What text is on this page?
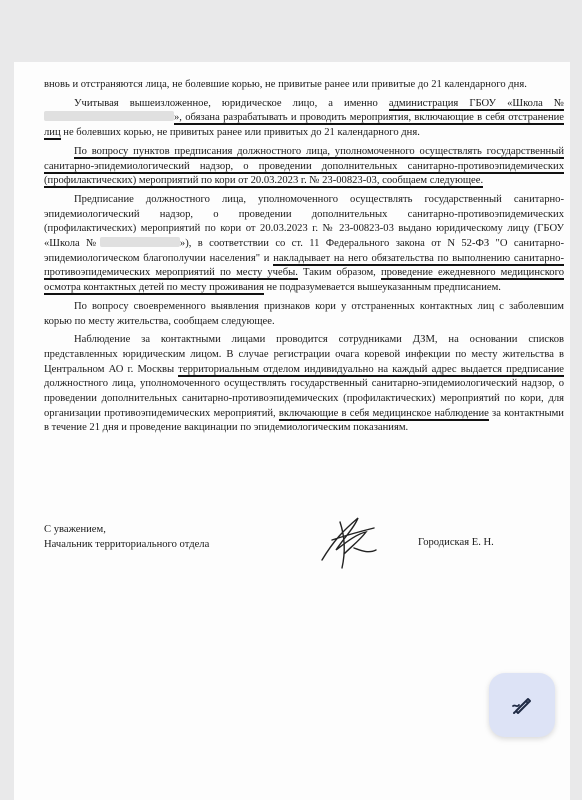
вновь и отстраняются лица, не болевшие корью, не привитые ранее или привитые до 21 календарного дня.

Учитывая вышеизложенное, юридическое лицо, а именно администрация ГБОУ «Школа №», обязана разрабатывать и проводить мероприятия, включающие в себя отстранение лиц не болевших корью, не привитых ранее или привитых до 21 календарного дня.

По вопросу пунктов предписания должностного лица, уполномоченного осуществлять государственный санитарно-эпидемиологический надзор, о проведении дополнительных санитарно-противоэпидемических (профилактических) мероприятий по кори от 20.03.2023 г. № 23-00823-03, сообщаем следующее.

Предписание должностного лица, уполномоченного осуществлять государственный санитарно-эпидемиологический надзор, о проведении дополнительных санитарно-противоэпидемических (профилактических) мероприятий по кори от 20.03.2023 г. № 23-00823-03 выдано юридическому лицу (ГБОУ «Школа №	»), в соответствии со ст. 11 Федерального закона от N 52-ФЗ "О санитарно-эпидемиологическом благополучии населения" и накладывает на него обязательства по выполнению санитарно-противоэпидемических мероприятий по месту учебы. Таким образом, проведение ежедневного медицинского осмотра контактных детей по месту проживания не подразумевается вышеуказанным предписанием.

По вопросу своевременного выявления признаков кори у отстраненных контактных лиц с заболевшим корью по месту жительства, сообщаем следующее.

Наблюдение за контактными лицами проводится сотрудниками ДЗМ, на основании списков представленных юридическим лицом. В случае регистрации очага коревой инфекции по месту жительства в Центральном АО г. Москвы территориальным отделом индивидуально на каждый адрес выдается предписание должностного лица, уполномоченного осуществлять государственный санитарно-эпидемиологический надзор, о проведении дополнительных санитарно-противоэпидемических (профилактических) мероприятий по кори, для организации противоэпидемических мероприятий, включающие в себя медицинское наблюдение за контактными в течение 21 дня и проведение вакцинации по эпидемиологическим показаниям.

С уважением,
Начальник территориального отдела	Городиская Е. Н.
